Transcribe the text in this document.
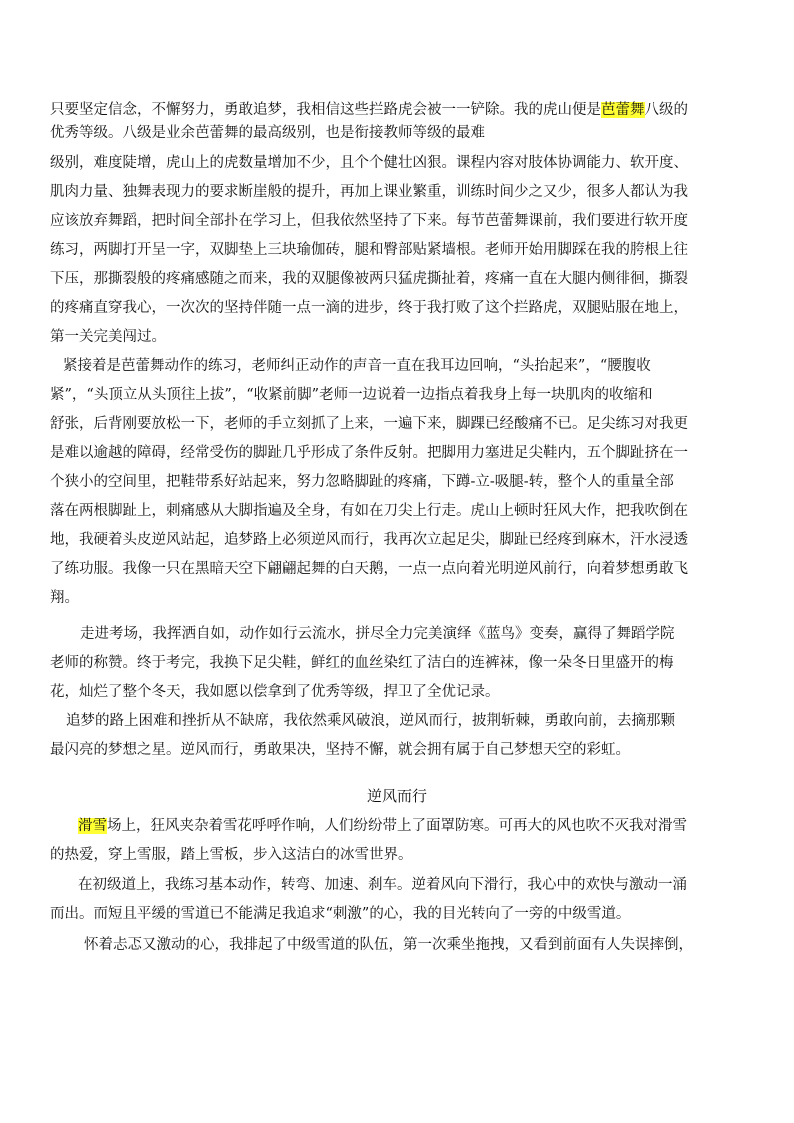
只要坚定信念，不懈努力，勇敢追梦，我相信这些拦路虎会被一一铲除。我的虎山便是芭蕾舞八级的
优秀等级。八级是业余芭蕾舞的最高级别，也是衔接教师等级的最难
级别，难度陡增，虎山上的虎数量增加不少，且个个健壮凶狠。课程内容对肢体协调能力、软开度、
肌肉力量、独舞表现力的要求断崖般的提升，再加上课业繁重，训练时间少之又少，很多人都认为我
应该放弃舞蹈，把时间全部扑在学习上，但我依然坚持了下来。每节芭蕾舞课前，我们要进行软开度
练习，两脚打开呈一字，双脚垫上三块瑜伽砖，腿和臀部贴紧墙根。老师开始用脚踩在我的胯根上往
下压，那撕裂般的疼痛感随之而来，我的双腿像被两只猛虎撕扯着，疼痛一直在大腿内侧徘徊，撕裂
的疼痛直穿我心，一次次的坚持伴随一点一滴的进步，终于我打败了这个拦路虎，双腿贴服在地上，
第一关完美闯过。
紧接着是芭蕾舞动作的练习，老师纠正动作的声音一直在我耳边回响，“头抬起来”，“腰腹收
紧”，“头顶立从头顶往上拔”，“收紧前脚”老师一边说着一边指点着我身上每一块肌肉的收缩和
舒张，后背刚要放松一下，老师的手立刻抓了上来，一遍下来，脚踝已经酸痛不已。足尖练习对我更
是难以逾越的障碍，经常受伤的脚趾几乎形成了条件反射。把脚用力塞进足尖鞋内，五个脚趾挤在一
个狭小的空间里，把鞋带系好站起来，努力忽略脚趾的疼痛，下蹲-立-吸腿-转，整个人的重量全部
落在两根脚趾上，刺痛感从大脚指遍及全身，有如在刀尖上行走。虎山上顿时狂风大作，把我吹倒在
地，我硬着头皮逆风站起，追梦路上必须逆风而行，我再次立起足尖，脚趾已经疼到麻木，汗水浸透
了练功服。我像一只在黑暗天空下翩翩起舞的白天鹅，一点一点向着光明逆风前行，向着梦想勇敢飞
翔。
走进考场，我挥洒自如，动作如行云流水，拼尽全力完美演绎《蓝鸟》变奏，赢得了舞蹈学院
老师的称赞。终于考完，我换下足尖鞋，鲜红的血丝染红了洁白的连裤袜，像一朵冬日里盛开的梅
花，灿烂了整个冬天，我如愿以偿拿到了优秀等级，捍卫了全优记录。
追梦的路上困难和挫折从不缺席，我依然乘风破浪，逆风而行，披荆斩棘，勇敢向前，去摘那颗
最闪亮的梦想之星。逆风而行，勇敢果决，坚持不懈，就会拥有属于自己梦想天空的彩虹。
逆风而行
滑雪场上，狂风夹杂着雪花呼呼作响，人们纷纷带上了面罩防寒。可再大的风也吹不灭我对滑雪
的热爱，穿上雪服，踏上雪板，步入这洁白的冰雪世界。
在初级道上，我练习基本动作，转弯、加速、刹车。逆着风向下滑行，我心中的欢快与激动一涌
而出。而短且平缓的雪道已不能满足我追求“刺激”的心，我的目光转向了一旁的中级雪道。
怀着忐忑又激动的心，我排起了中级雪道的队伍，第一次乘坐拖拽，又看到前面有人失误摔倒，
